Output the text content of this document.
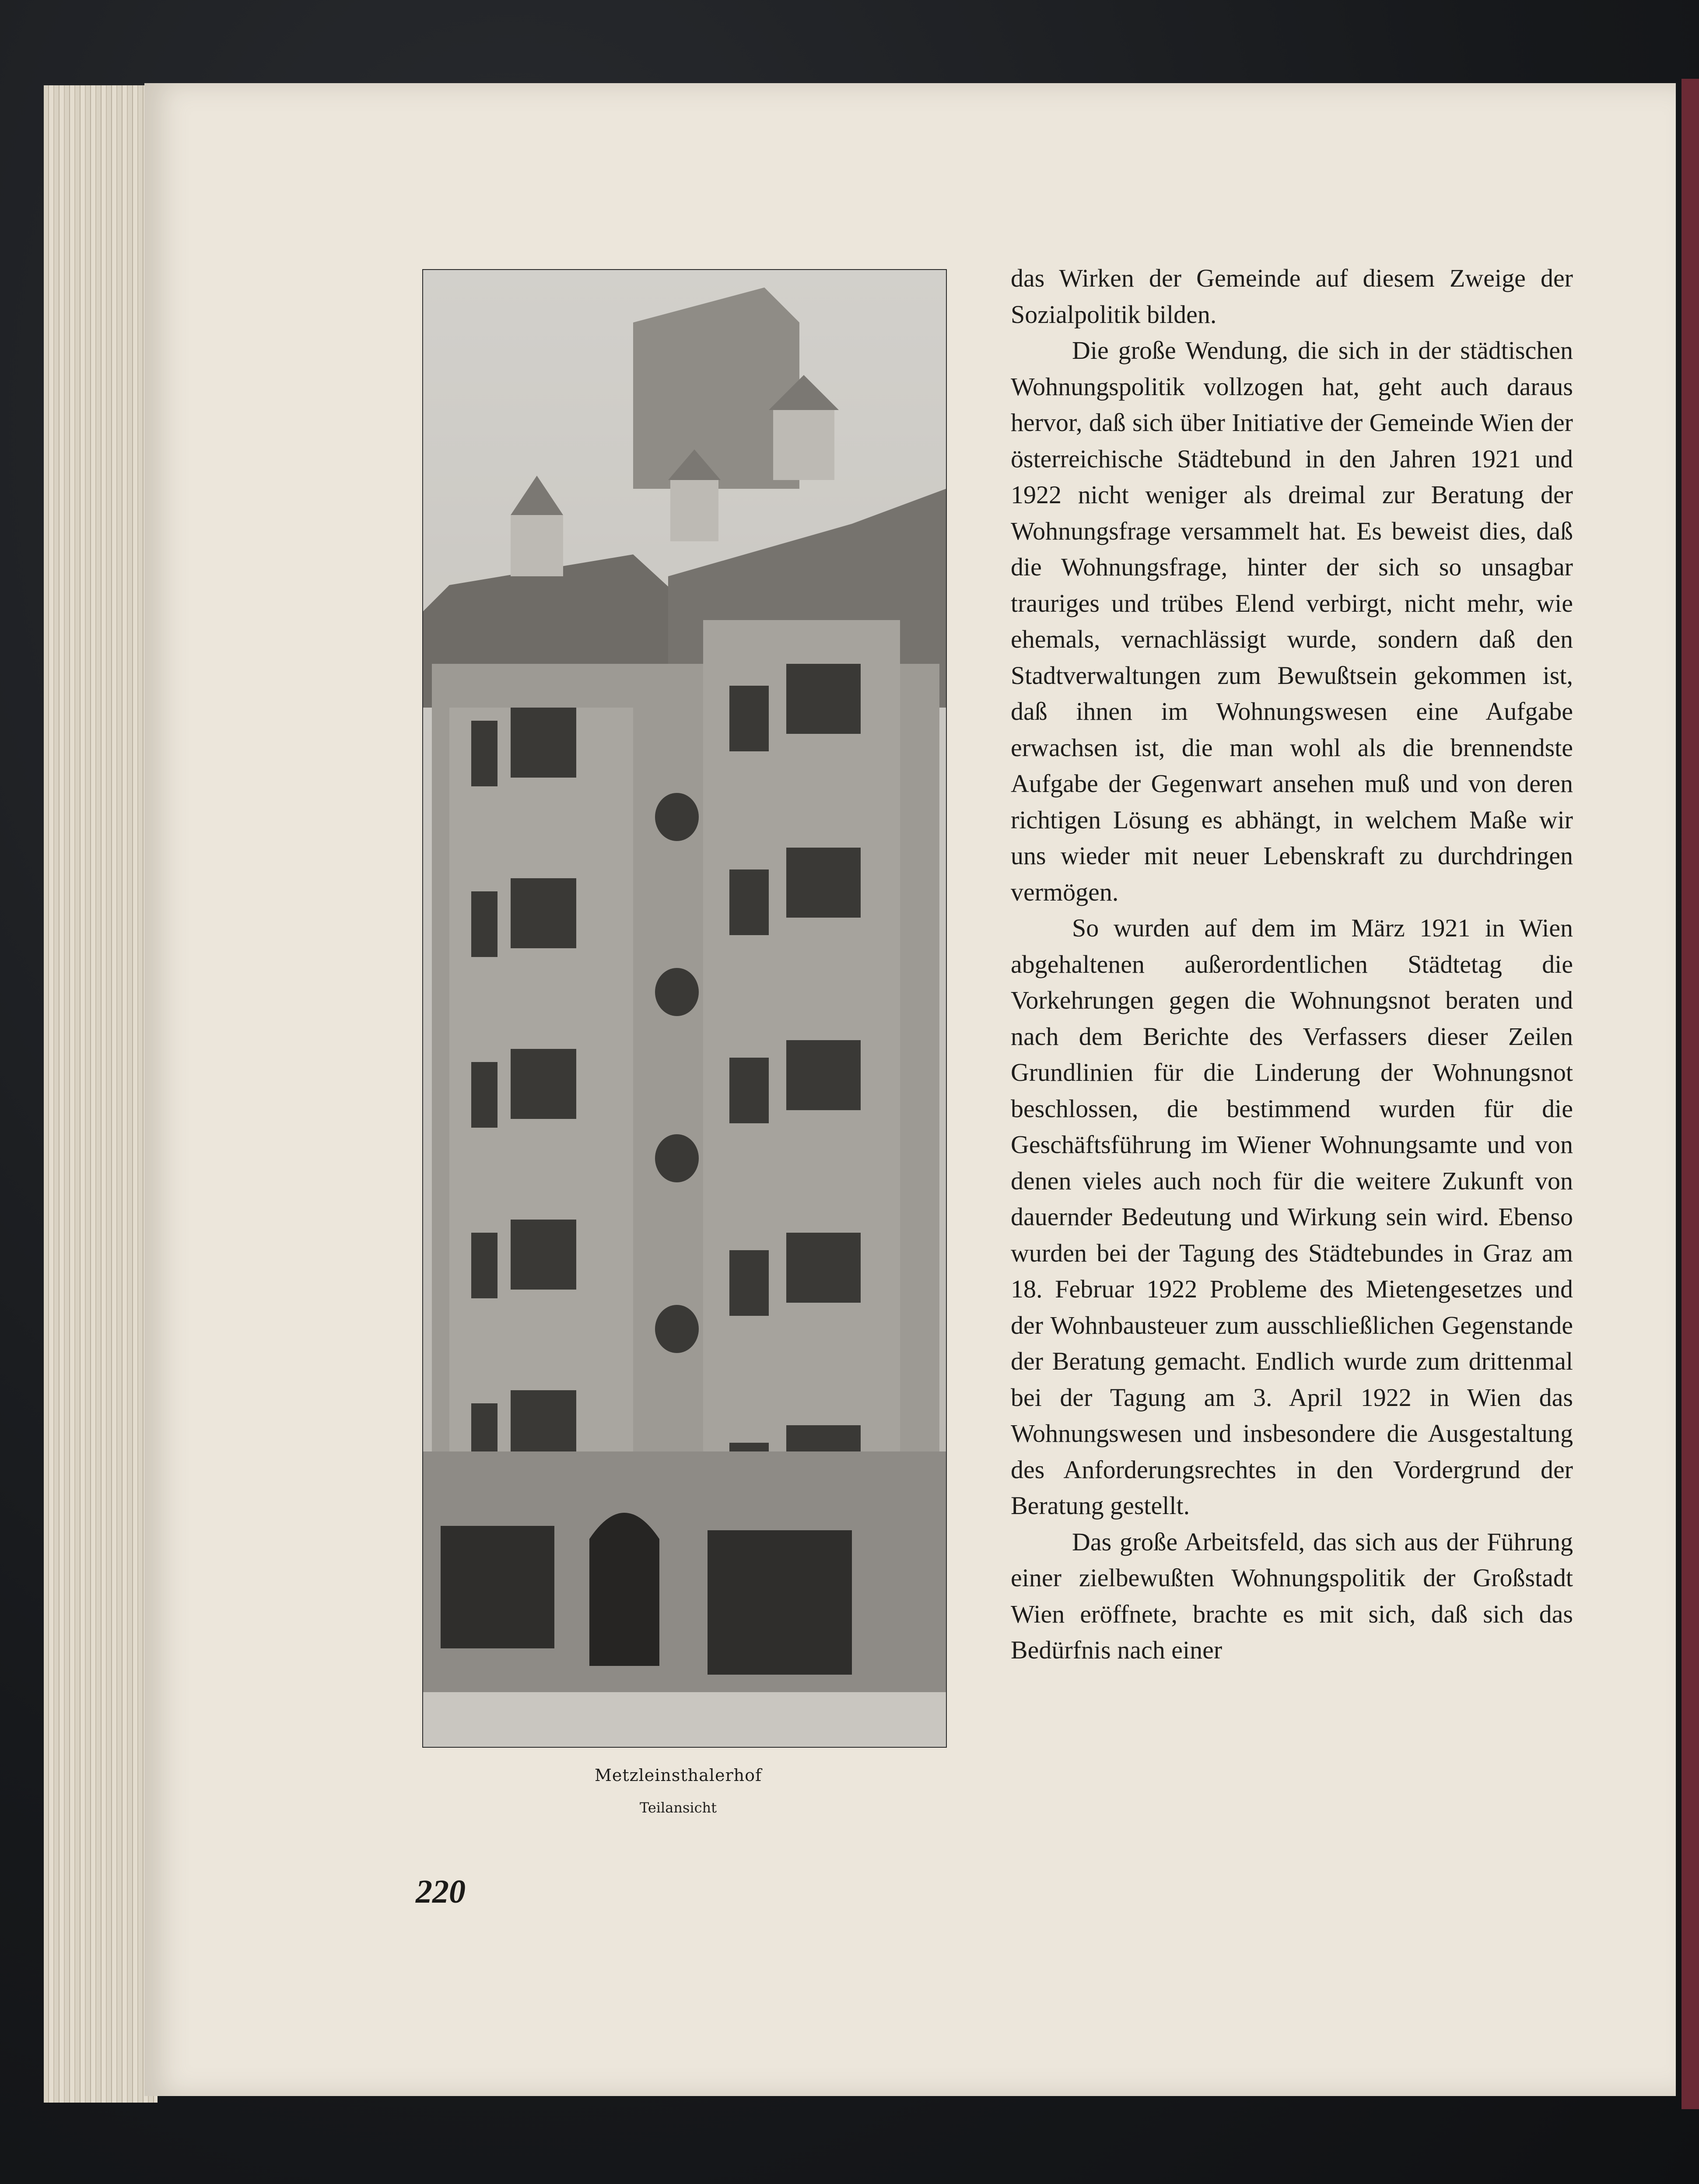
Metzleinsthalerhof
Teilansicht

das Wirken der Gemeinde auf diesem Zweige der Sozialpolitik bilden.

Die große Wendung, die sich in der städtischen Wohnungspolitik vollzogen hat, geht auch daraus hervor, daß sich über Initiative der Gemeinde Wien der österreichische Städtebund in den Jahren 1921 und 1922 nicht weniger als dreimal zur Beratung der Wohnungsfrage versammelt hat. Es beweist dies, daß die Wohnungsfrage, hinter der sich so unsagbar trauriges und trübes Elend verbirgt, nicht mehr, wie ehemals, vernachlässigt wurde, sondern daß den Stadtverwaltungen zum Bewußtsein gekommen ist, daß ihnen im Wohnungswesen eine Aufgabe erwachsen ist, die man wohl als die brennendste Aufgabe der Gegenwart ansehen muß und von deren richtigen Lösung es abhängt, in welchem Maße wir uns wieder mit neuer Lebenskraft zu durchdringen vermögen.

So wurden auf dem im März 1921 in Wien abgehaltenen außerordentlichen Städtetag die Vorkehrungen gegen die Wohnungsnot beraten und nach dem Berichte des Verfassers dieser Zeilen Grundlinien für die Linderung der Wohnungsnot beschlossen, die bestimmend wurden für die Geschäftsführung im Wiener Wohnungsamte und von denen vieles auch noch für die weitere Zukunft von dauernder Bedeutung und Wirkung sein wird. Ebenso wurden bei der Tagung des Städtebundes in Graz am 18. Februar 1922 Probleme des Mietengesetzes und der Wohnbausteuer zum ausschließlichen Gegenstande der Beratung gemacht. Endlich wurde zum drittenmal bei der Tagung am 3. April 1922 in Wien das Wohnungswesen und insbesondere die Ausgestaltung des Anforderungsrechtes in den Vordergrund der Beratung gestellt.

Das große Arbeitsfeld, das sich aus der Führung einer zielbewußten Wohnungspolitik der Großstadt Wien eröffnete, brachte es mit sich, daß sich das Bedürfnis nach einer

220
